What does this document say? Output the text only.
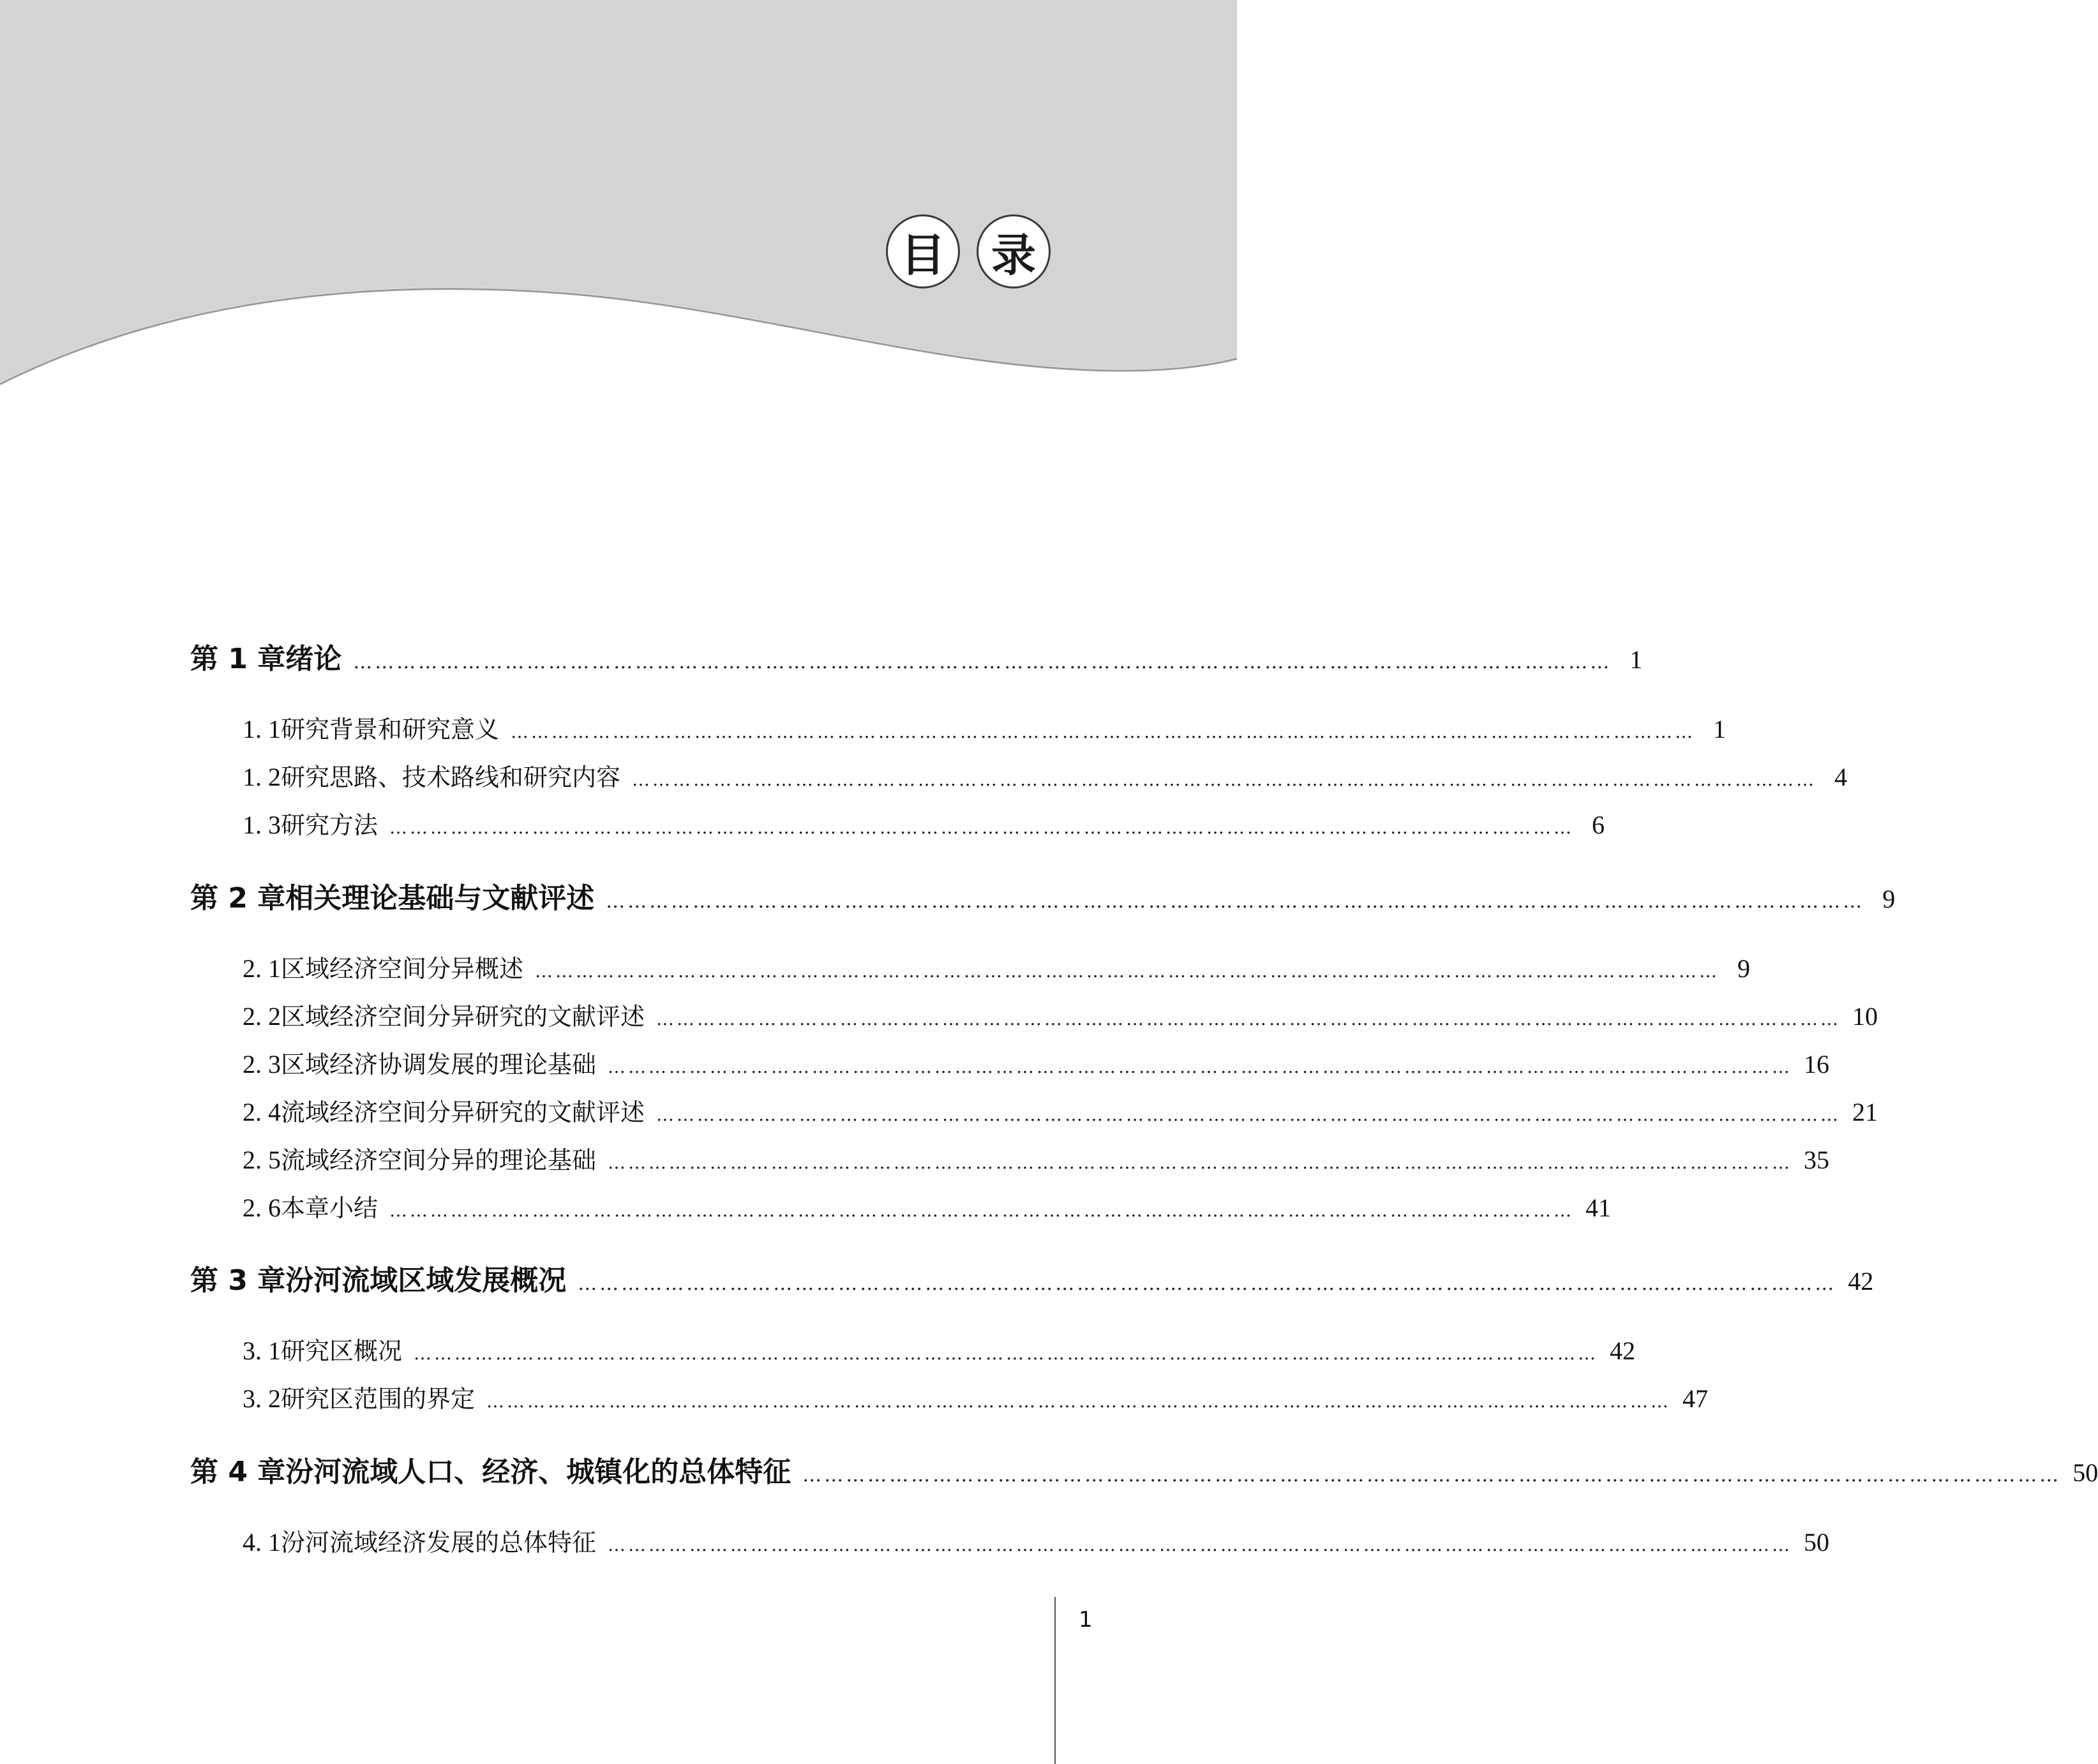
CONTENTS 目	录
第 1 章 绪论 ………………………………………………………………………………………………………………………………………………………… 1
1. 1 研究背景和研究意义 ………………………………………………………………………………………………………………………………………………………… 1
1. 2 研究思路、技术路线和研究内容 ………………………………………………………………………………………………………………………………………………………… 4
1. 3 研究方法 ………………………………………………………………………………………………………………………………………………………… 6
第 2 章 相关理论基础与文献评述 ………………………………………………………………………………………………………………………………………………………… 9
2. 1 区域经济空间分异概述 ………………………………………………………………………………………………………………………………………………………… 9
2. 2 区域经济空间分异研究的文献评述 ………………………………………………………………………………………………………………………………………………………… 10
2. 3 区域经济协调发展的理论基础 ………………………………………………………………………………………………………………………………………………………… 16
2. 4 流域经济空间分异研究的文献评述 ………………………………………………………………………………………………………………………………………………………… 21
2. 5 流域经济空间分异的理论基础 ………………………………………………………………………………………………………………………………………………………… 35
2. 6 本章小结 ………………………………………………………………………………………………………………………………………………………… 41
第 3 章 汾河流域区域发展概况 ………………………………………………………………………………………………………………………………………………………… 42
3. 1 研究区概况 ………………………………………………………………………………………………………………………………………………………… 42
3. 2 研究区范围的界定 ………………………………………………………………………………………………………………………………………………………… 47
第 4 章 汾河流域人口、经济、城镇化的总体特征 ………………………………………………………………………………………………………………………………………………………… 50
4. 1 汾河流域经济发展的总体特征 ………………………………………………………………………………………………………………………………………………………… 50
1
